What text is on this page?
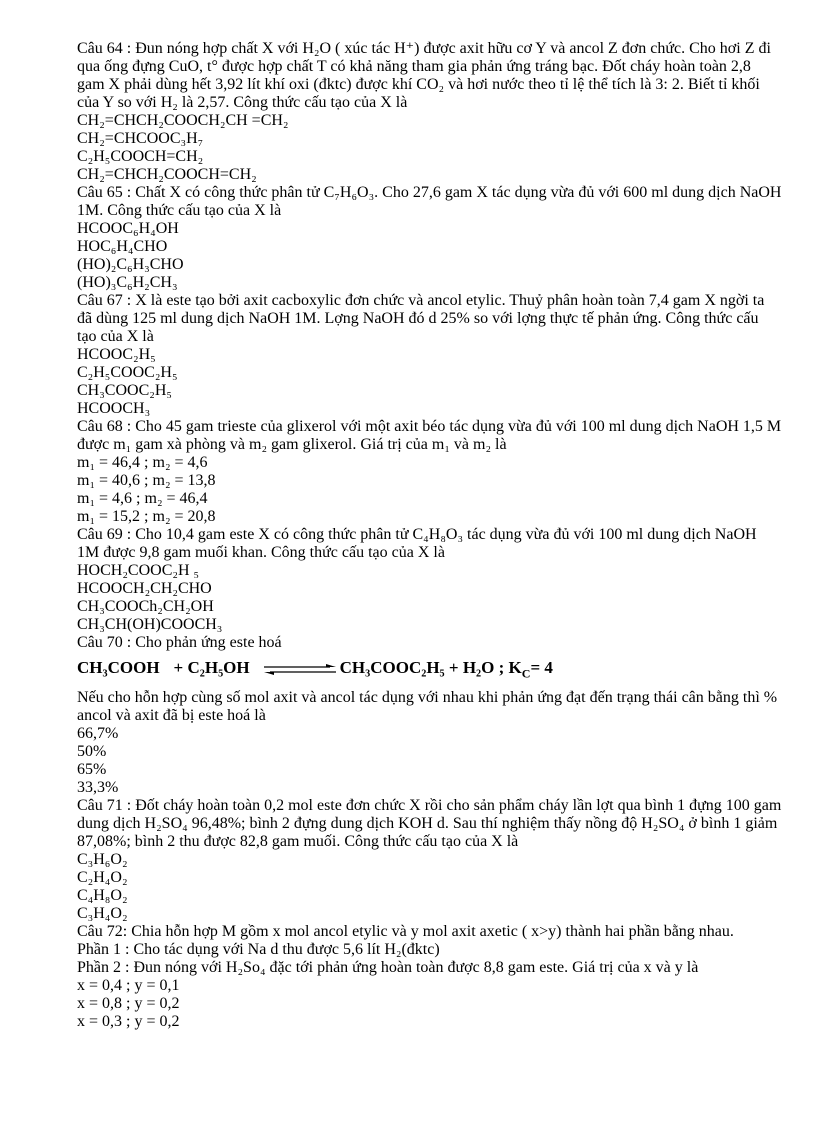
Câu 64 : Đun nóng hợp chất X với H₂O ( xúc tác H⁺) được axit hữu cơ Y và ancol Z đơn chức. Cho hơi Z đi qua ống đựng CuO, t° được hợp chất T có khả năng tham gia phản ứng tráng bạc. Đốt cháy hoàn toàn 2,8 gam X phải dùng hết 3,92 lít khí oxi (đktc) được khí CO₂ và hơi nước theo tỉ lệ thể tích là 3: 2. Biết tỉ khối của Y so với H₂ là 2,57. Công thức cấu tạo của X là
CH₂=CHCH₂COOCH₂CH =CH₂
CH₂=CHCOOC₃H₇
C₂H₅COOCH=CH₂
CH₂=CHCH₂COOCH=CH₂
Câu 65 : Chất X có công thức phân tử C₇H₆O₃. Cho 27,6 gam X tác dụng vừa đủ với 600 ml dung dịch NaOH 1M. Công thức cấu tạo của X là
HCOOC₆H₄OH
HOC₆H₄CHO
(HO)₂C₆H₃CHO
(HO)₃C₆H₂CH₃
Câu 67 : X là este tạo bởi axit cacboxylic đơn chức và ancol etylic. Thuỷ phân hoàn toàn 7,4 gam X ngời ta đã dùng 125 ml dung dịch NaOH 1M. Lợng NaOH đó d 25% so với lợng thực tế phản ứng. Công thức cấu tạo của X là
HCOOC₂H₅
C₂H₅COOC₂H₅
CH₃COOC₂H₅
HCOOCH₃
Câu 68 : Cho 45 gam trieste của glixerol với một axit béo tác dụng vừa đủ với 100 ml dung dịch NaOH 1,5 M được m₁ gam xà phòng và m₂ gam glixerol. Giá trị của m₁ và m₂ là
m₁ = 46,4 ; m₂ = 4,6
m₁ = 40,6 ; m₂ = 13,8
m₁ = 4,6 ; m₂ = 46,4
m₁ = 15,2 ; m₂ = 20,8
Câu 69 : Cho 10,4 gam este X có công thức phân tử C₄H₈O₃ tác dụng vừa đủ với 100 ml dung dịch NaOH 1M được 9,8 gam muối khan. Công thức cấu tạo của X là
HOCH₂COOC₂H ₅
HCOOCH₂CH₂CHO
CH₃COOCh₂CH₂OH
CH₃CH(OH)COOCH₃
Câu 70 : Cho phản ứng este hoá
CH₃COOH + C₂H₅OH	CH₃COOC₂H₅ + H₂O ; $K_C= 4$
Nếu cho hỗn hợp cùng số mol axit và ancol tác dụng với nhau khi phản ứng đạt đến trạng thái cân bằng thì % ancol và axit đã bị este hoá là
66,7%
50%
65%
33,3%
Câu 71 : Đốt cháy hoàn toàn 0,2 mol este đơn chức X rồi cho sản phẩm cháy lần lợt qua bình 1 đựng 100 gam dung dịch H₂SO₄ 96,48%; bình 2 đựng dung dịch KOH d. Sau thí nghiệm thấy nồng độ H₂SO₄ ở bình 1 giảm 87,08%; bình 2 thu được 82,8 gam muối. Công thức cấu tạo của X là
C₃H₆O₂
C₂H₄O₂
C₄H₈O₂
C₃H₄O₂
Câu 72: Chia hỗn hợp M gồm x mol ancol etylic và y mol axit axetic ( x>y) thành hai phần bằng nhau.
Phần 1 : Cho tác dụng với Na d thu được 5,6 lít H₂(đktc)
Phần 2 : Đun nóng với H₂So₄ đặc tới phản ứng hoàn toàn được 8,8 gam este. Giá trị của x và y là
x = 0,4 ; y = 0,1
x = 0,8 ; y = 0,2
x = 0,3 ; y = 0,2
